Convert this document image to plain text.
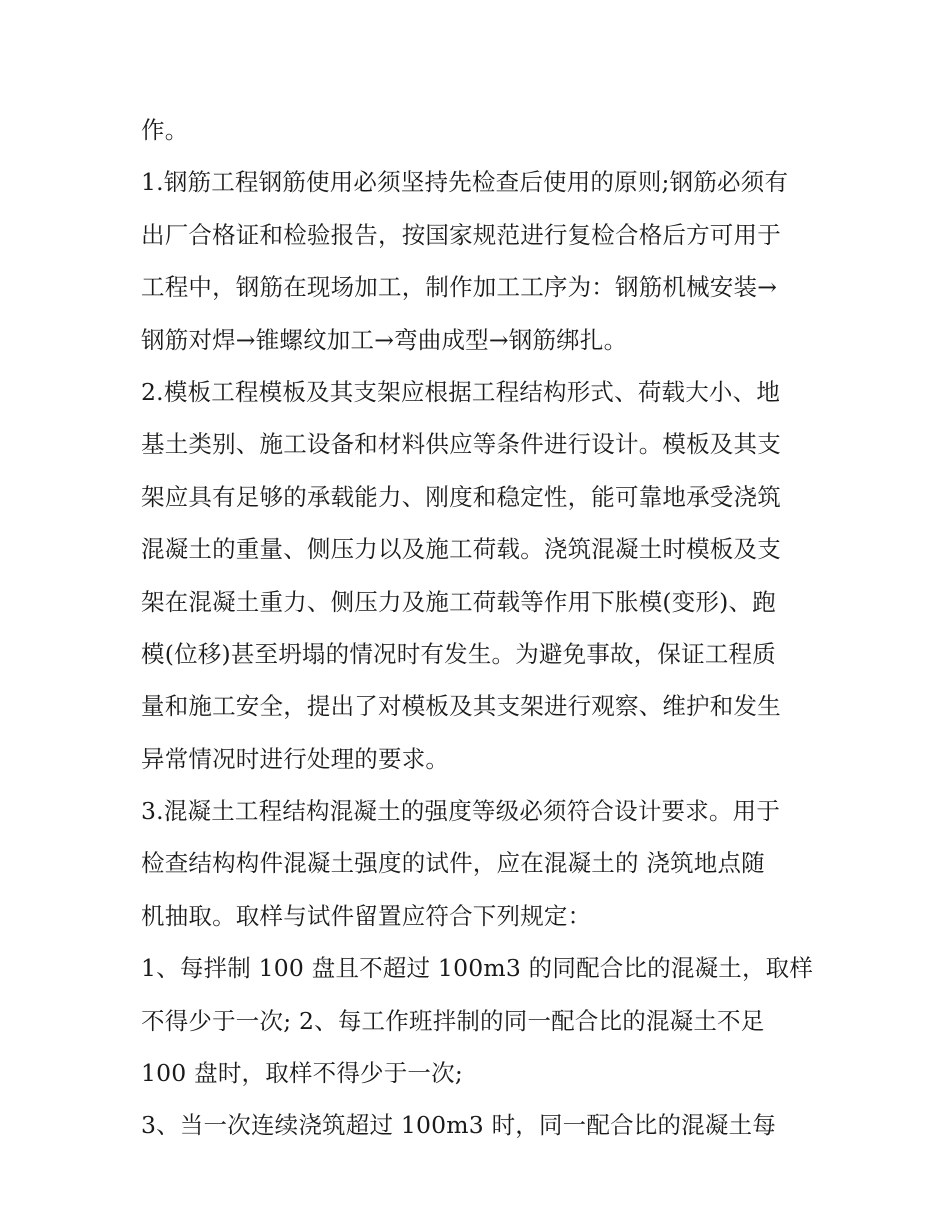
作。
1.钢筋工程钢筋使用必须坚持先检查后使用的原则;钢筋必须有
出厂合格证和检验报告，按国家规范进行复检合格后方可用于
工程中，钢筋在现场加工，制作加工工序为：钢筋机械安装→
钢筋对焊→锥螺纹加工→弯曲成型→钢筋绑扎。
2.模板工程模板及其支架应根据工程结构形式、荷载大小、地
基土类别、施工设备和材料供应等条件进行设计。模板及其支
架应具有足够的承载能力、刚度和稳定性，能可靠地承受浇筑
混凝土的重量、侧压力以及施工荷载。浇筑混凝土时模板及支
架在混凝土重力、侧压力及施工荷载等作用下胀模(变形)、跑
模(位移)甚至坍塌的情况时有发生。为避免事故，保证工程质
量和施工安全，提出了对模板及其支架进行观察、维护和发生
异常情况时进行处理的要求。
3.混凝土工程结构混凝土的强度等级必须符合设计要求。用于
检查结构构件混凝土强度的试件，应在混凝土的 浇筑地点随
机抽取。取样与试件留置应符合下列规定：
1、每拌制 100 盘且不超过 100m3 的同配合比的混凝土，取样
不得少于一次; 2、每工作班拌制的同一配合比的混凝土不足
100 盘时，取样不得少于一次;
3、当一次连续浇筑超过 100m3 时，同一配合比的混凝土每
